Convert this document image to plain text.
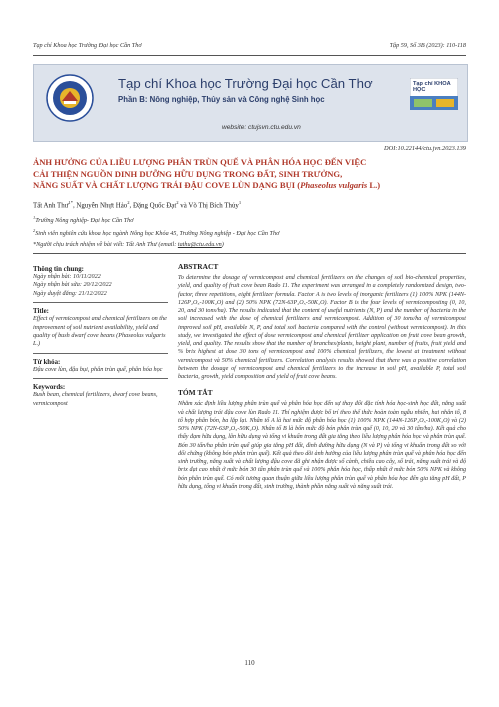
Tạp chí Khoa học Trường Đại học Cần Thơ	Tập 59, Số 3B (2023): 110-118
Tạp chí Khoa học Trường Đại học Cần Thơ
Phần B: Nông nghiệp, Thủy sản và Công nghệ Sinh học
Tạp chí KHOA HỌC
website: ctujsvn.ctu.edu.vn
DOI:10.22144/ctu.jvn.2023.139
ẢNH HƯỞNG CỦA LIỀU LƯỢNG PHÂN TRÙN QUẾ VÀ PHÂN HÓA HỌC ĐẾN VIỆC
CẢI THIỆN NGUỒN DINH DƯỠNG HỮU DỤNG TRONG ĐẤT, SINH TRƯỞNG,
NĂNG SUẤT VÀ CHẤT LƯỢNG TRÁI ĐẬU COVE LÙN DẠNG BỤI (Phaseolus vulgaris L.)
Tất Anh Thư$^{1*}$, Nguyễn Nhựt Hảo$^2$, Đặng Quốc Đạt$^2$ và Võ Thị Bích Thủy$^1$
$^1$Trường Nông nghiệp- Đại học Cần Thơ
$^2$Sinh viên nghiên cứu khoa học ngành Nông học Khóa 45, Trường Nông nghiệp - Đại học Cần Thơ
*Người chịu trách nhiệm về bài viết: Tất Anh Thư (email: tathu@ctu.edu.vn)

Thông tin chung:

Ngày nhận bài: 10/11/2022

Ngày nhận bài sửa: 20/12/2022

Ngày duyệt đăng: 21/12/2022

Title:

Effect of vermicompost and chemical fertilizers on the improvement of soil nutrient availability, yield and quality of bush dwarf cove beans (Phaseolus vulgaris L.)

Từ khóa:

Đậu cove lùn, đậu bụi, phân trùn quế, phân hóa học

Keywords:

Bush bean, chemical fertilizers, dwarf cove beans, vermicompost

ABSTRACT

To determine the dosage of vermicompost and chemical fertilizers on the changes of soil bio-chemical properties, yield, and quality of fruit cove bean Rado 11. The experiment was arranged in a completely randomized design, two-factor, three repetitions, eight fertilizer formula. Factor A is two levels of inorganic fertilizers (1) 100% NPK (144N-126P₂O₅-100K₂O) and (2) 50% NPK (72N-63P₂O₅-50K₂O). Factor B is the four levels of vermicomposting (0, 10, 20, and 30 tons/ha). The results indicated that the content of useful nutrients (N, P) and the number of bacteria in the soil increased with the dose of chemical fertilizers and vermicompost. Addition of 30 tons/ha of vermicompost improved soil pH, available N, P, and total soil bacteria compared with the control (without vermicompost). In this study, we investigated the effect of dose vermicompost and chemical fertilizer application on fruit cove bean growth, yield, and quality. The results show that the number of branches/plants, height plant, number of fruits, fruit yield and % brix highest at dose 30 tons of vermicompost and 100% chemical fertilizers, the lowest at treatment without vermicompost và 50% chemical fertilizers. Correlation analysis results showed that there was a positive correlation between the dosage of vermicompost and chemical fertilizers to the increase in soil pH, available P, total soil bacteria, growth, yield composition and yield of fruit cove beans.

TÓM TẮT

Nhằm xác định liều lượng phân trùn quế và phân hóa học đến sự thay đổi đặc tính hóa học-sinh học đất, năng suất và chất lượng trái đậu cove lùn Rado 11. Thí nghiệm được bố trí theo thể thức hoàn toàn ngẫu nhiên, hai nhân tố, 8 tổ hợp phân bón, ba lặp lại. Nhân tố A là hai mức độ phân hóa học (1) 100% NPK (144N-126P₂O₅-100K₂O) và (2) 50% NPK (72N-63P₂O₅-50K₂O). Nhân tố B là bốn mức độ bón phân trùn quế (0, 10, 20 và 30 tấn/ha). Kết quả cho thấy đạm hữu dụng, lân hữu dụng và tổng vi khuẩn trong đất gia tăng theo liều lượng phân hóa học và phân trùn quế. Bón 30 tấn/ha phân trùn quế giúp gia tăng pH đất, đình đường hữu dụng (N và P) và tổng vi khuẩn trong đất so với đối chứng (không bón phân trùn quế). Kết quả theo dõi ảnh hưởng của liều lượng phân trùn quế và phân hóa học đến sinh trưởng, năng suất và chất lượng đậu cove đã ghi nhận được số cành, chiều cao cây, số trái, năng suất trái và độ brix đạt cao nhất ở mức bón 30 tấn phân trùn quế và 100% phân hóa học, thấp nhất ở mức bón 50% NPK và không bón phân trùn quế. Có mối tương quan thuận giữa liều lượng phân trùn quế và phân hóa học đến gia tăng pH đất, P hữu dụng, tổng vi khuẩn trong đất, sinh trưởng, thành phần năng suất và năng suất trái.

110
